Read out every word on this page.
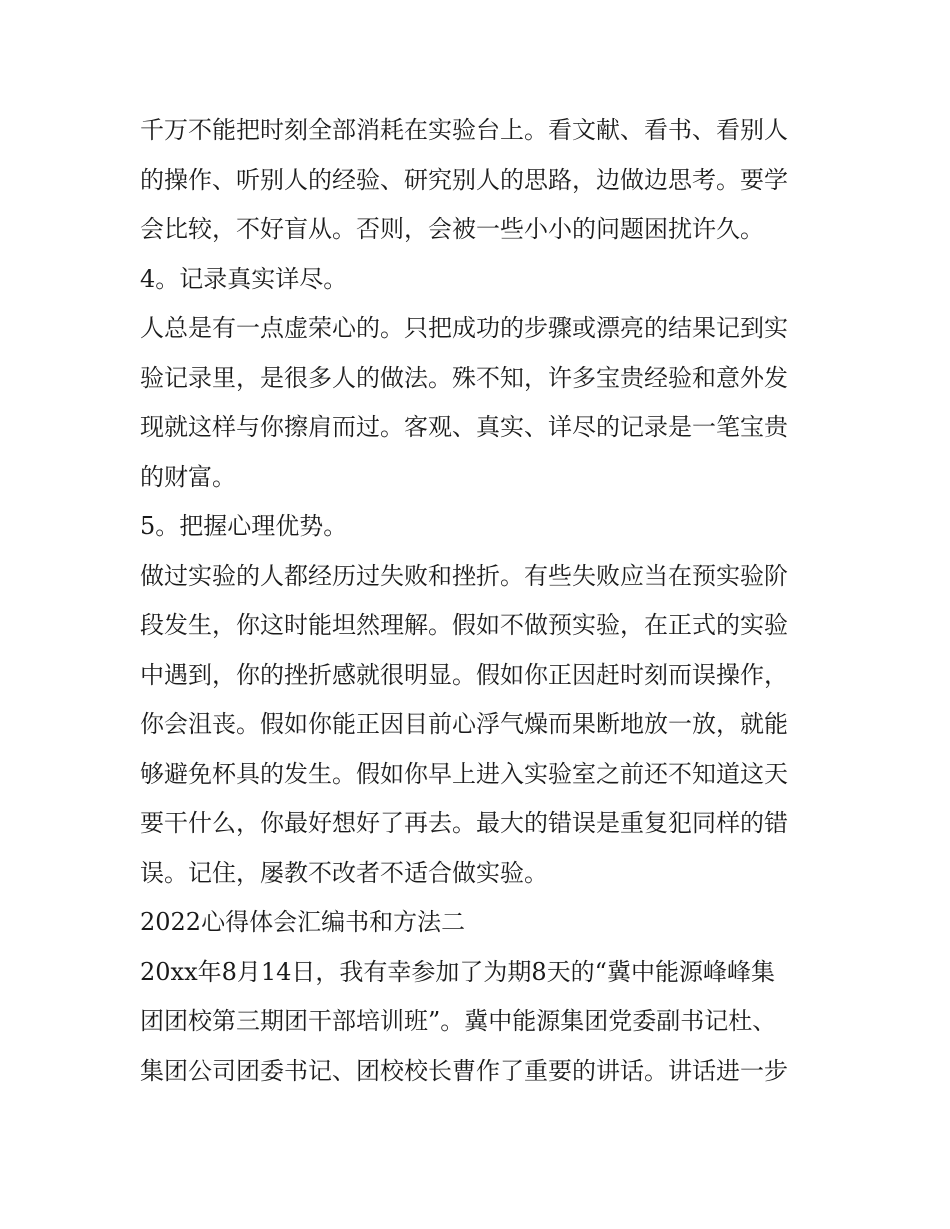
千万不能把时刻全部消耗在实验台上。看文献、看书、看别人
的操作、听别人的经验、研究别人的思路，边做边思考。要学
会比较，不好盲从。否则，会被一些小小的问题困扰许久。
4。记录真实详尽。
人总是有一点虚荣心的。只把成功的步骤或漂亮的结果记到实
验记录里，是很多人的做法。殊不知，许多宝贵经验和意外发
现就这样与你擦肩而过。客观、真实、详尽的记录是一笔宝贵
的财富。
5。把握心理优势。
做过实验的人都经历过失败和挫折。有些失败应当在预实验阶
段发生，你这时能坦然理解。假如不做预实验，在正式的实验
中遇到，你的挫折感就很明显。假如你正因赶时刻而误操作，
你会沮丧。假如你能正因目前心浮气燥而果断地放一放，就能
够避免杯具的发生。假如你早上进入实验室之前还不知道这天
要干什么，你最好想好了再去。最大的错误是重复犯同样的错
误。记住，屡教不改者不适合做实验。
2022心得体会汇编书和方法二
20xx年8月14日，我有幸参加了为期8天的“冀中能源峰峰集
团团校第三期团干部培训班”。冀中能源集团党委副书记杜、
集团公司团委书记、团校校长曹作了重要的讲话。讲话进一步
